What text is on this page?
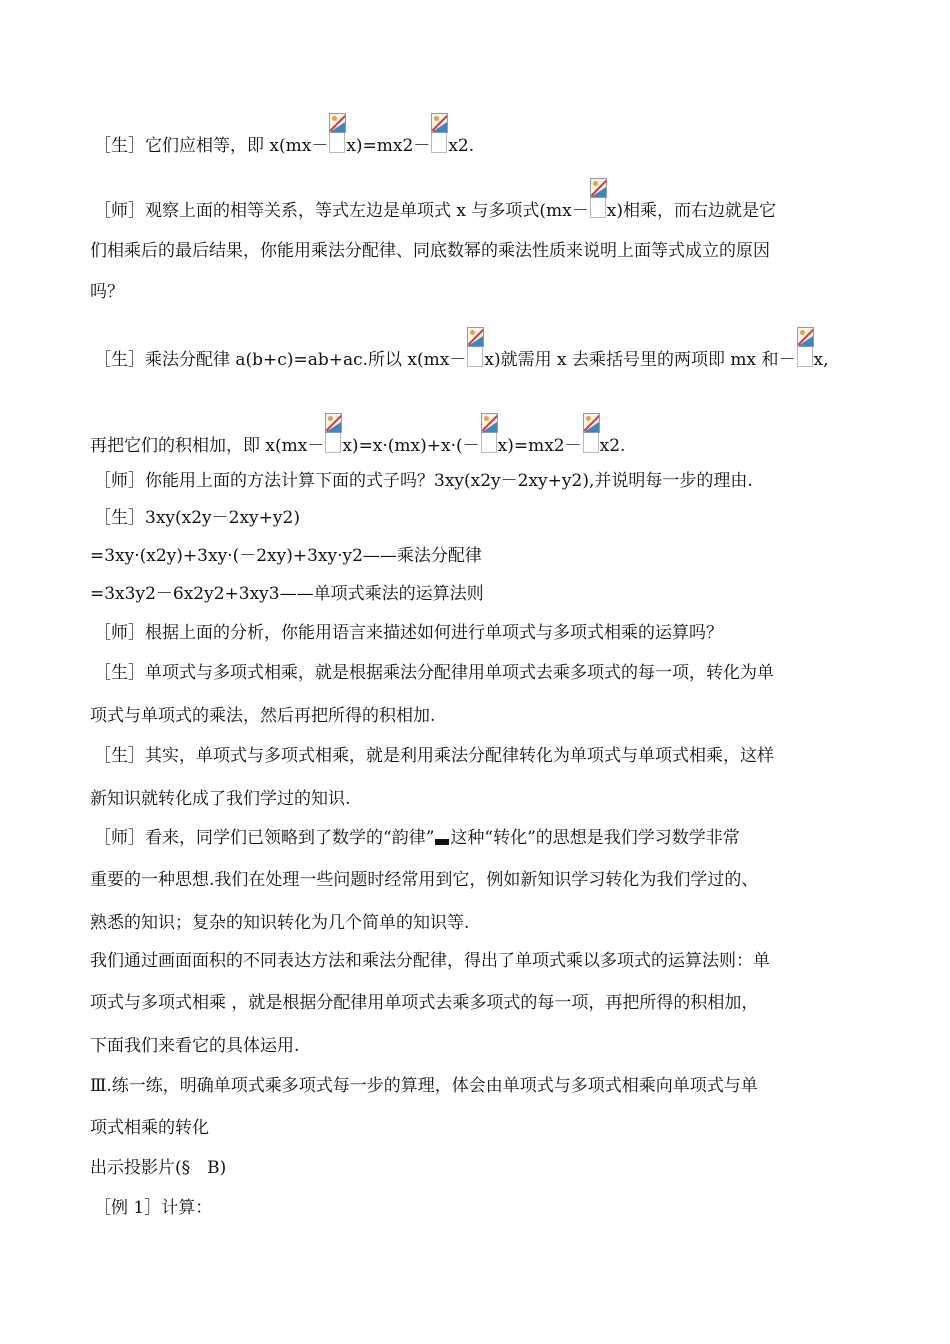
［生］它们应相等，即 x(mx－ x)=mx2－ x2.
［师］观察上面的相等关系，等式左边是单项式 x 与多项式(mx－ x)相乘，而右边就是它
们相乘后的最后结果，你能用乘法分配律、同底数幂的乘法性质来说明上面等式成立的原因
吗？
［生］乘法分配律 a(b+c)=ab+ac.所以 x(mx－ x)就需用 x 去乘括号里的两项即 mx 和－ x,
再把它们的积相加，即 x(mx－ x)=x·(mx)+x·(－ x)=mx2－ x2.
［师］你能用上面的方法计算下面的式子吗？3xy(x2y－2xy+y2),并说明每一步的理由.
［生］3xy(x2y－2xy+y2)
=3xy·(x2y)+3xy·(－2xy)+3xy·y2——乘法分配律
=3x3y2－6x2y2+3xy3——单项式乘法的运算法则
［师］根据上面的分析，你能用语言来描述如何进行单项式与多项式相乘的运算吗？
［生］单项式与多项式相乘，就是根据乘法分配律用单项式去乘多项式的每一项，转化为单
项式与单项式的乘法，然后再把所得的积相加.
［生］其实，单项式与多项式相乘，就是利用乘法分配律转化为单项式与单项式相乘，这样
新知识就转化成了我们学过的知识.
［师］看来，同学们已领略到了数学的“韵律” 这种“转化”的思想是我们学习数学非常
重要的一种思想.我们在处理一些问题时经常用到它，例如新知识学习转化为我们学过的、
熟悉的知识；复杂的知识转化为几个简单的知识等.
我们通过画面面积的不同表达方法和乘法分配律，得出了单项式乘以多项式的运算法则：单
项式与多项式相乘 ，就是根据分配律用单项式去乘多项式的每一项，再把所得的积相加，
下面我们来看它的具体运用.
Ⅲ.练一练，明确单项式乘多项式每一步的算理，体会由单项式与多项式相乘向单项式与单
项式相乘的转化
出示投影片(§　B)
［例 1］计算：
